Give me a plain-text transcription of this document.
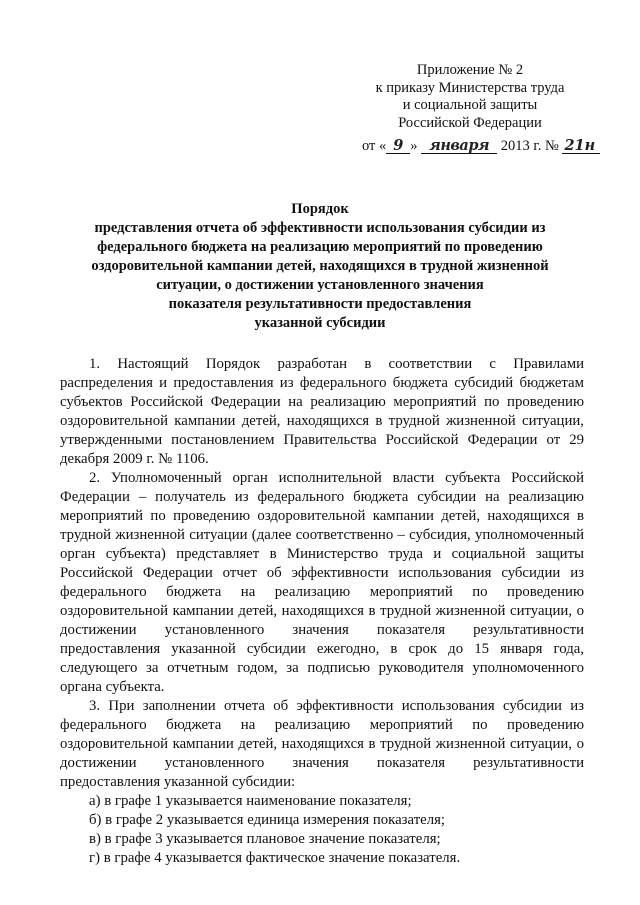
Приложение № 2
к приказу Министерства труда
и социальной защиты
Российской Федерации
от « 9 » января 2013 г. № 21н
Порядок
представления отчета об эффективности использования субсидии из
федерального бюджета на реализацию мероприятий по проведению
оздоровительной кампании детей, находящихся в трудной жизненной
ситуации, о достижении установленного значения
показателя результативности предоставления
указанной субсидии

1. Настоящий Порядок разработан в соответствии с Правилами распределения и предоставления из федерального бюджета субсидий бюджетам субъектов Российской Федерации на реализацию мероприятий по проведению оздоровительной кампании детей, находящихся в трудной жизненной ситуации, утвержденными постановлением Правительства Российской Федерации от 29 декабря 2009 г. № 1106.

2. Уполномоченный орган исполнительной власти субъекта Российской Федерации – получатель из федерального бюджета субсидии на реализацию мероприятий по проведению оздоровительной кампании детей, находящихся в трудной жизненной ситуации (далее соответственно – субсидия, уполномоченный орган субъекта) представляет в Министерство труда и социальной защиты Российской Федерации отчет об эффективности использования субсидии из федерального бюджета на реализацию мероприятий по проведению оздоровительной кампании детей, находящихся в трудной жизненной ситуации, о достижении установленного значения показателя результативности предоставления указанной субсидии ежегодно, в срок до 15 января года, следующего за отчетным годом, за подписью руководителя уполномоченного органа субъекта.

3. При заполнении отчета об эффективности использования субсидии из федерального бюджета на реализацию мероприятий по проведению оздоровительной кампании детей, находящихся в трудной жизненной ситуации, о достижении установленного значения показателя результативности предоставления указанной субсидии:

а) в графе 1 указывается наименование показателя;
б) в графе 2 указывается единица измерения показателя;
в) в графе 3 указывается плановое значение показателя;
г) в графе 4 указывается фактическое значение показателя.
